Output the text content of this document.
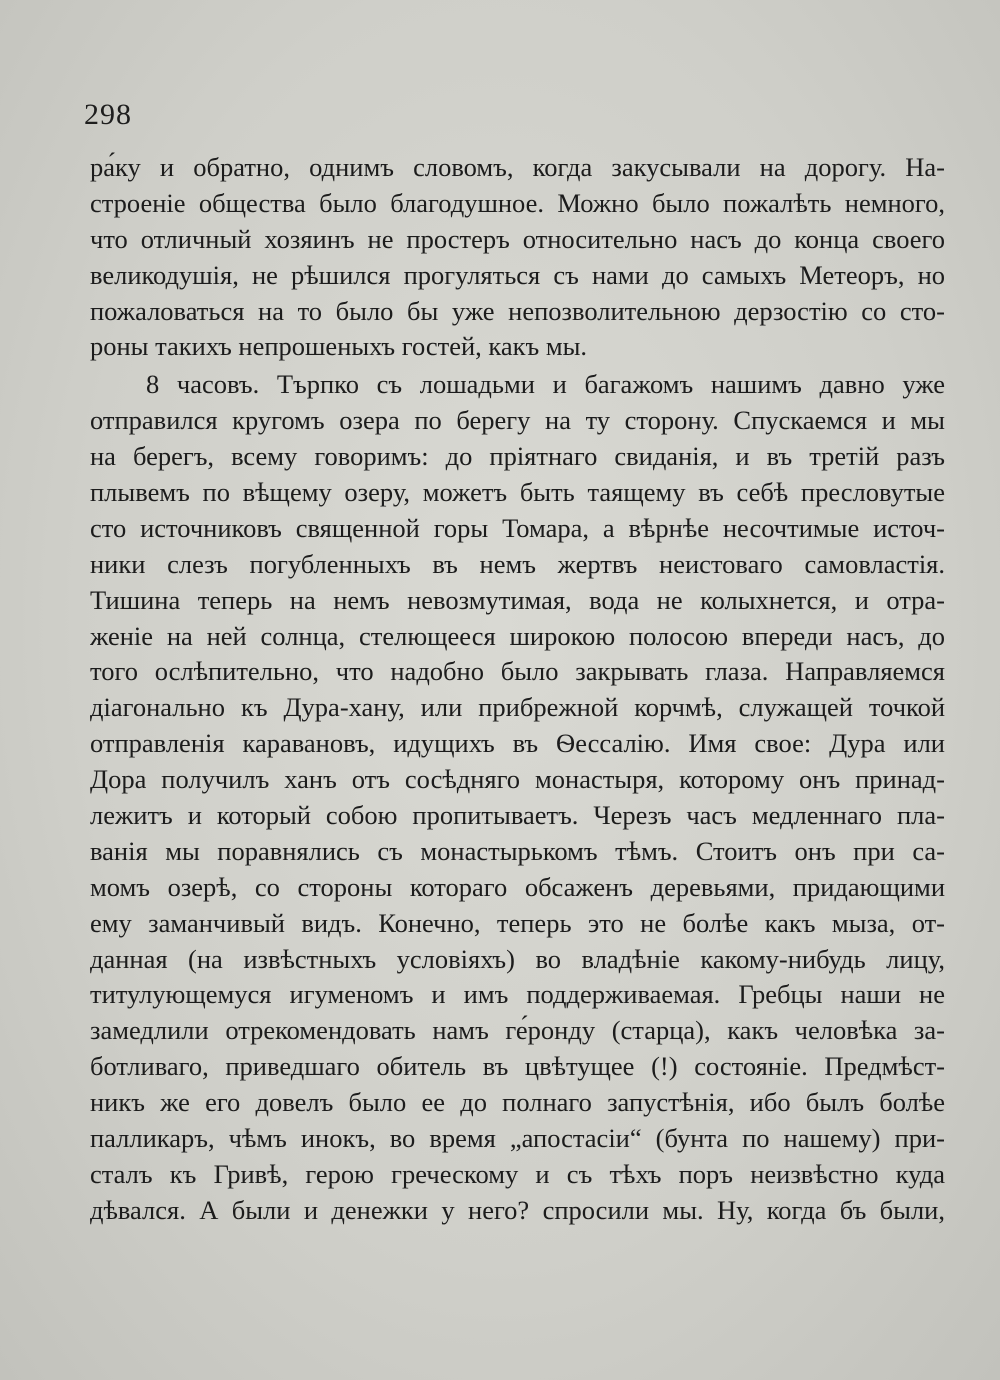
298
ра́ку и обратно, однимъ словомъ, когда закусывали на дорогу. На-
строеніе общества было благодушное. Можно было пожалѣть немного,
что отличный хозяинъ не простеръ относительно насъ до конца своего
великодушія, не рѣшился прогуляться съ нами до самыхъ Метеоръ, но
пожаловаться на то было бы уже непозволительною дерзостію со сто-
роны такихъ непрошеныхъ гостей, какъ мы.
8 часовъ. Търпко съ лошадьми и багажомъ нашимъ давно уже
отправился кругомъ озера по берегу на ту сторону. Спускаемся и мы
на берегъ, всему говоримъ: до пріятнаго свиданія, и въ третій разъ
плывемъ по вѣщему озеру, можетъ быть таящему въ себѣ пресловутые
сто источниковъ священной горы Томара, а вѣрнѣе несочтимые источ-
ники слезъ погубленныхъ въ немъ жертвъ неистоваго самовластія.
Тишина теперь на немъ невозмутимая, вода не колыхнется, и отра-
женіе на ней солнца, стелющееся широкою полосою впереди насъ, до
того ослѣпительно, что надобно было закрывать глаза. Направляемся
діагонально къ Дура-хану, или прибрежной корчмѣ, служащей точкой
отправленія каравановъ, идущихъ въ Ѳессалію. Имя свое: Дура или
Дора получилъ ханъ отъ сосѣдняго монастыря, которому онъ принад-
лежитъ и который собою пропитываетъ. Черезъ часъ медленнаго пла-
ванія мы поравнялись съ монастырькомъ тѣмъ. Стоитъ онъ при са-
момъ озерѣ, со стороны котораго обсаженъ деревьями, придающими
ему заманчивый видъ. Конечно, теперь это не болѣе какъ мыза, от-
данная (на извѣстныхъ условіяхъ) во владѣніе какому-нибудь лицу,
титулующемуся игуменомъ и имъ поддерживаемая. Гребцы наши не
замедлили отрекомендовать намъ ге́ронду (старца), какъ человѣка за-
ботливаго, приведшаго обитель въ цвѣтущее (!) состояніе. Предмѣст-
никъ же его довелъ было ее до полнаго запустѣнія, ибо былъ болѣе
палликаръ, чѣмъ инокъ, во время „апостасіи“ (бунта по нашему) при-
сталъ къ Гривѣ, герою греческому и съ тѣхъ поръ неизвѣстно куда
дѣвался. А были и денежки у него? спросили мы. Ну, когда бъ были,
